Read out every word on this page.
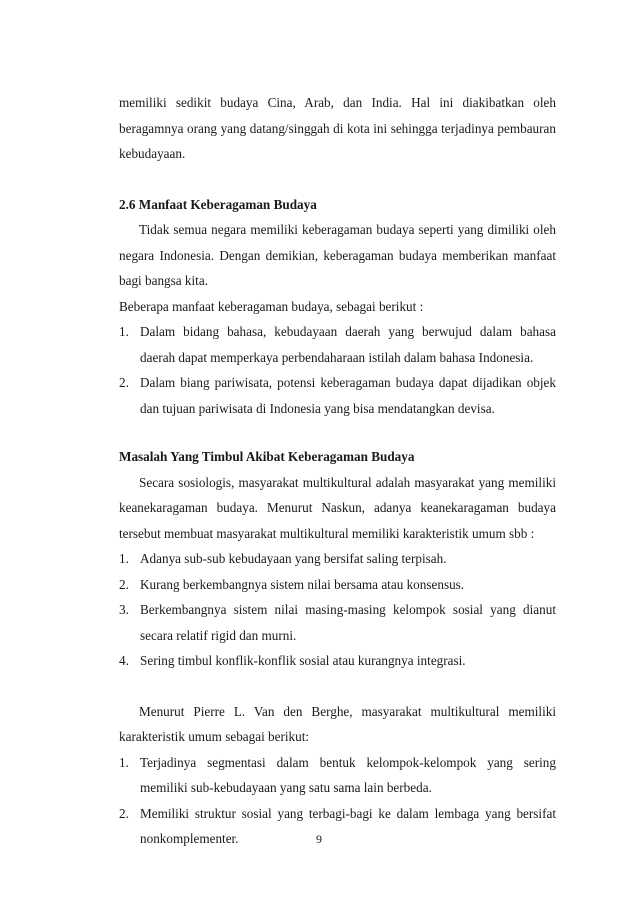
memiliki sedikit budaya Cina, Arab, dan India. Hal ini diakibatkan oleh beragamnya orang yang datang/singgah di kota ini sehingga terjadinya pembauran kebudayaan.

2.6 Manfaat Keberagaman Budaya

Tidak semua negara memiliki keberagaman budaya seperti yang dimiliki oleh negara Indonesia. Dengan demikian, keberagaman budaya memberikan manfaat bagi bangsa kita.

Beberapa manfaat keberagaman budaya, sebagai berikut :

1. Dalam bidang bahasa, kebudayaan daerah yang berwujud dalam bahasa daerah dapat memperkaya perbendaharaan istilah dalam bahasa Indonesia.
2. Dalam biang pariwisata, potensi keberagaman budaya dapat dijadikan objek dan tujuan pariwisata di Indonesia yang bisa mendatangkan devisa.
Masalah Yang Timbul Akibat Keberagaman Budaya

Secara sosiologis, masyarakat multikultural adalah masyarakat yang memiliki keanekaragaman budaya. Menurut Naskun, adanya keanekaragaman budaya tersebut membuat masyarakat multikultural memiliki karakteristik umum sbb :

1. Adanya sub-sub kebudayaan yang bersifat saling terpisah.
2. Kurang berkembangnya sistem nilai bersama atau konsensus.
3. Berkembangnya sistem nilai masing-masing kelompok sosial yang dianut secara relatif rigid dan murni.
4. Sering timbul konflik-konflik sosial atau kurangnya integrasi.

Menurut Pierre L. Van den Berghe, masyarakat multikultural memiliki karakteristik umum sebagai berikut:

1. Terjadinya segmentasi dalam bentuk kelompok-kelompok yang sering memiliki sub-kebudayaan yang satu sama lain berbeda.
2. Memiliki struktur sosial yang terbagi-bagi ke dalam lembaga yang bersifat nonkomplementer.	9
